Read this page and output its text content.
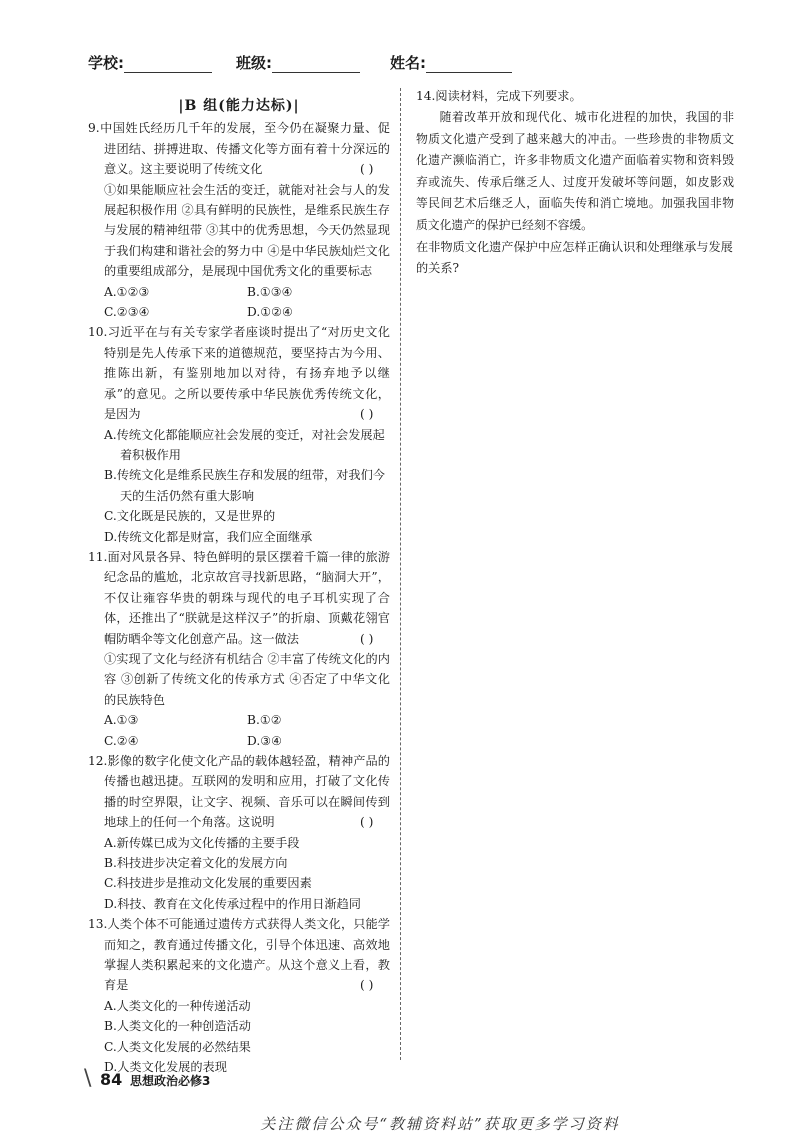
学校:	班级:	姓名:
|B 组(能力达标)|
9.中国姓氏经历几千年的发展，至今仍在凝聚力量、促进团结、拼搏进取、传播文化等方面有着十分深远的意义。这主要说明了传统文化	( )
①如果能顺应社会生活的变迁，就能对社会与人的发展起积极作用 ②具有鲜明的民族性，是维系民族生存与发展的精神纽带 ③其中的优秀思想，今天仍然显现于我们构建和谐社会的努力中 ④是中华民族灿烂文化的重要组成部分，是展现中国优秀文化的重要标志
A.①②③	B.①③④
C.②③④	D.①②④
10.习近平在与有关专家学者座谈时提出了“对历史文化特别是先人传承下来的道德规范，要坚持古为今用、推陈出新，有鉴别地加以对待，有扬弃地予以继承”的意见。之所以要传承中华民族优秀传统文化，是因为	( )
A.传统文化都能顺应社会发展的变迁，对社会发展起着积极作用
B.传统文化是维系民族生存和发展的纽带，对我们今天的生活仍然有重大影响
C.文化既是民族的，又是世界的
D.传统文化都是财富，我们应全面继承
11.面对风景各异、特色鲜明的景区摆着千篇一律的旅游纪念品的尴尬，北京故宫寻找新思路，“脑洞大开”，不仅让雍容华贵的朝珠与现代的电子耳机实现了合体，还推出了“朕就是这样汉子”的折扇、顶戴花翎官帽防晒伞等文化创意产品。这一做法	( )
①实现了文化与经济有机结合 ②丰富了传统文化的内容 ③创新了传统文化的传承方式 ④否定了中华文化的民族特色
A.①③	B.①②
C.②④	D.③④
12.影像的数字化使文化产品的载体越轻盈，精神产品的传播也越迅捷。互联网的发明和应用，打破了文化传播的时空界限，让文字、视频、音乐可以在瞬间传到地球上的任何一个角落。这说明	( )
A.新传媒已成为文化传播的主要手段
B.科技进步决定着文化的发展方向
C.科技进步是推动文化发展的重要因素
D.科技、教育在文化传承过程中的作用日渐趋同
13.人类个体不可能通过遗传方式获得人类文化，只能学而知之，教育通过传播文化，引导个体迅速、高效地掌握人类积累起来的文化遗产。从这个意义上看，教育是	( )
A.人类文化的一种传递活动
B.人类文化的一种创造活动
C.人类文化发展的必然结果
D.人类文化发展的表现
14.阅读材料，完成下列要求。
随着改革开放和现代化、城市化进程的加快，我国的非物质文化遗产受到了越来越大的冲击。一些珍贵的非物质文化遗产濒临消亡，许多非物质文化遗产面临着实物和资料毁弃或流失、传承后继乏人、过度开发破坏等问题，如皮影戏等民间艺术后继乏人，面临失传和消亡境地。加强我国非物质文化遗产的保护已经刻不容缓。
在非物质文化遗产保护中应怎样正确认识和处理继承与发展的关系?
\ 84 思想政治必修3
关注微信公众号“教辅资料站”获取更多学习资料
